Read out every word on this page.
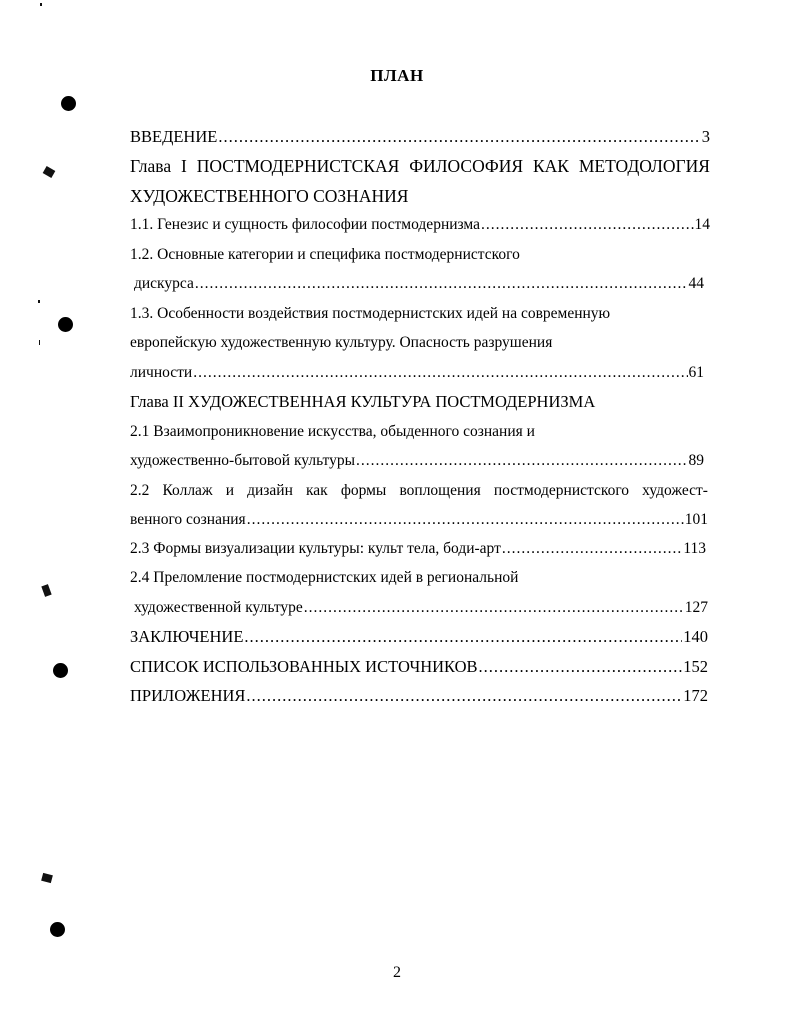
ПЛАН
ВВЕДЕНИЕ .....	3
Глава I ПОСТМОДЕРНИСТСКАЯ ФИЛОСОФИЯ КАК МЕТОДОЛОГИЯ
ХУДОЖЕСТВЕННОГО СОЗНАНИЯ
1.1. Генезис и сущность философии постмодернизма .....	14
1.2. Основные категории и специфика постмодернистского
дискурса .....	44
1.3. Особенности воздействия постмодернистских идей на современную
европейскую художественную культуру. Опасность разрушения
личности .....	61
Глава II ХУДОЖЕСТВЕННАЯ КУЛЬТУРА ПОСТМОДЕРНИЗМА
2.1 Взаимопроникновение искусства, обыденного сознания и
художественно-бытовой культуры .....	89
2.2 Коллаж и дизайн как формы воплощения постмодернистского художест-
венного сознания .....	101
2.3 Формы визуализации культуры: культ тела, боди-арт .....	113
2.4 Преломление постмодернистских идей в региональной
художественной культуре .....	127
ЗАКЛЮЧЕНИЕ .....	140
СПИСОК ИСПОЛЬЗОВАННЫХ ИСТОЧНИКОВ .....	152
ПРИЛОЖЕНИЯ .....	172
2
